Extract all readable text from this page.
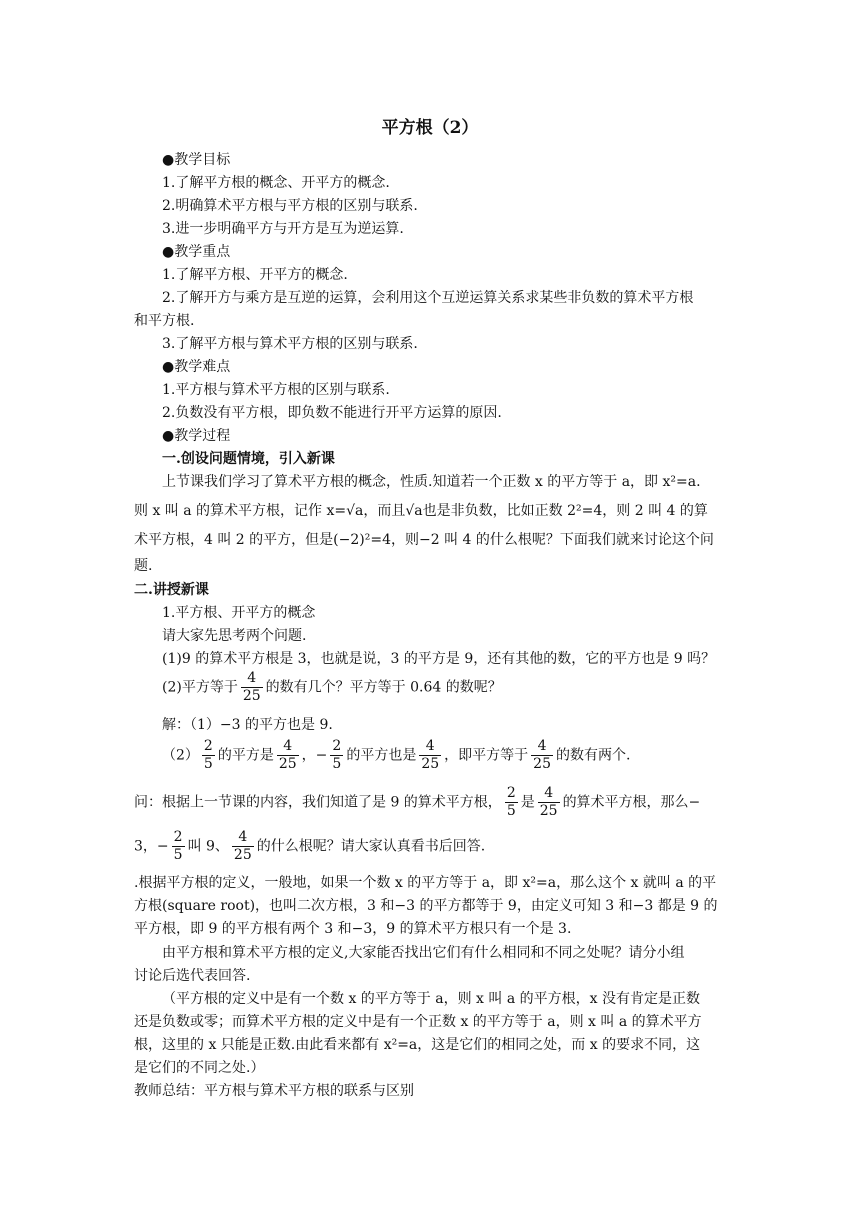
平方根（2）
●教学目标
1.了解平方根的概念、开平方的概念.
2.明确算术平方根与平方根的区别与联系.
3.进一步明确平方与开方是互为逆运算.
●教学重点
1.了解平方根、开平方的概念.
2.了解开方与乘方是互逆的运算，会利用这个互逆运算关系求某些非负数的算术平方根
和平方根.
3.了解平方根与算术平方根的区别与联系.
●教学难点
1.平方根与算术平方根的区别与联系.
2.负数没有平方根，即负数不能进行开平方运算的原因.
●教学过程
一.创设问题情境，引入新课
上节课我们学习了算术平方根的概念，性质.知道若一个正数 x 的平方等于 a，即 x²=a.
则 x 叫 a 的算术平方根，记作 x=√a，而且√a也是非负数，比如正数 2²=4，则 2 叫 4 的算
术平方根，4 叫 2 的平方，但是(−2)²=4，则−2 叫 4 的什么根呢？下面我们就来讨论这个问
题.
二.讲授新课
1.平方根、开平方的概念
请大家先思考两个问题.
(1)9 的算术平方根是 3，也就是说，3 的平方是 9，还有其他的数，它的平方也是 9 吗？
(2)平方等于 $\frac{4}{25}$ 的数有几个？平方等于 0.64 的数呢？
解：（1）−3 的平方也是 9.
$(2) \frac{2}{5}$ 的平方是 $\frac{4}{25}$ ，− $\frac{2}{5}$ 的平方也是 $\frac{4}{25}$ ，即平方等于 $\frac{4}{25}$ 的数有两个.
问：根据上一节课的内容，我们知道了是 9 的算术平方根， $\frac{2}{5}$ 是 $\frac{4}{25}$ 的算术平方根，那么−
3，− $\frac{2}{5}$ 叫 9、 $\frac{4}{25}$ 的什么根呢？请大家认真看书后回答.
.根据平方根的定义，一般地，如果一个数 x 的平方等于 a，即 x²=a，那么这个 x 就叫 a 的平
方根(square root)，也叫二次方根，3 和−3 的平方都等于 9，由定义可知 3 和−3 都是 9 的
平方根，即 9 的平方根有两个 3 和−3，9 的算术平方根只有一个是 3.
由平方根和算术平方根的定义,大家能否找出它们有什么相同和不同之处呢？请分小组
讨论后选代表回答.
（平方根的定义中是有一个数 x 的平方等于 a，则 x 叫 a 的平方根，x 没有肯定是正数
还是负数或零；而算术平方根的定义中是有一个正数 x 的平方等于 a，则 x 叫 a 的算术平方
根，这里的 x 只能是正数.由此看来都有 x²=a，这是它们的相同之处，而 x 的要求不同，这
是它们的不同之处.）
教师总结：平方根与算术平方根的联系与区别
